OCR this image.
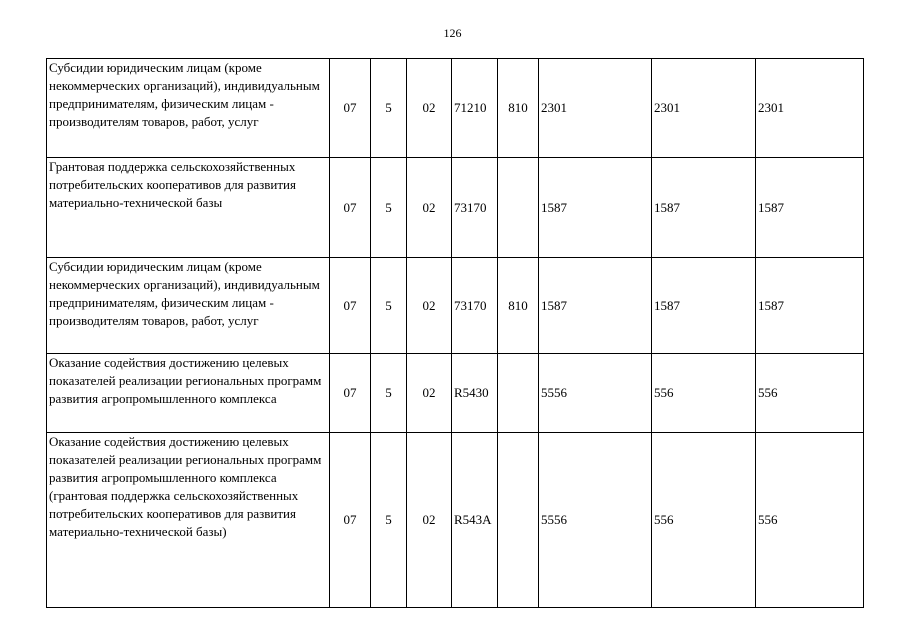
126
Субсидии юридическим лицам (кроме некоммерческих организаций), индивидуальным предпринимателям, физическим лицам - производителям товаров, работ, услуг	07	5	02	71210	810	2301	2301	2301
Грантовая поддержка сельскохозяйственных потребительских кооперативов для развития материально-технической базы	07	5	02	73170		1587	1587	1587
Субсидии юридическим лицам (кроме некоммерческих организаций), индивидуальным предпринимателям, физическим лицам - производителям товаров, работ, услуг	07	5	02	73170	810	1587	1587	1587
Оказание содействия достижению целевых показателей реализации региональных программ развития агропромышленного комплекса	07	5	02	R5430		5556	556	556
Оказание содействия достижению целевых показателей реализации региональных программ развития агропромышленного комплекса (грантовая поддержка сельскохозяйственных потребительских кооперативов для развития материально-технической базы)	07	5	02	R543A		5556	556	556
